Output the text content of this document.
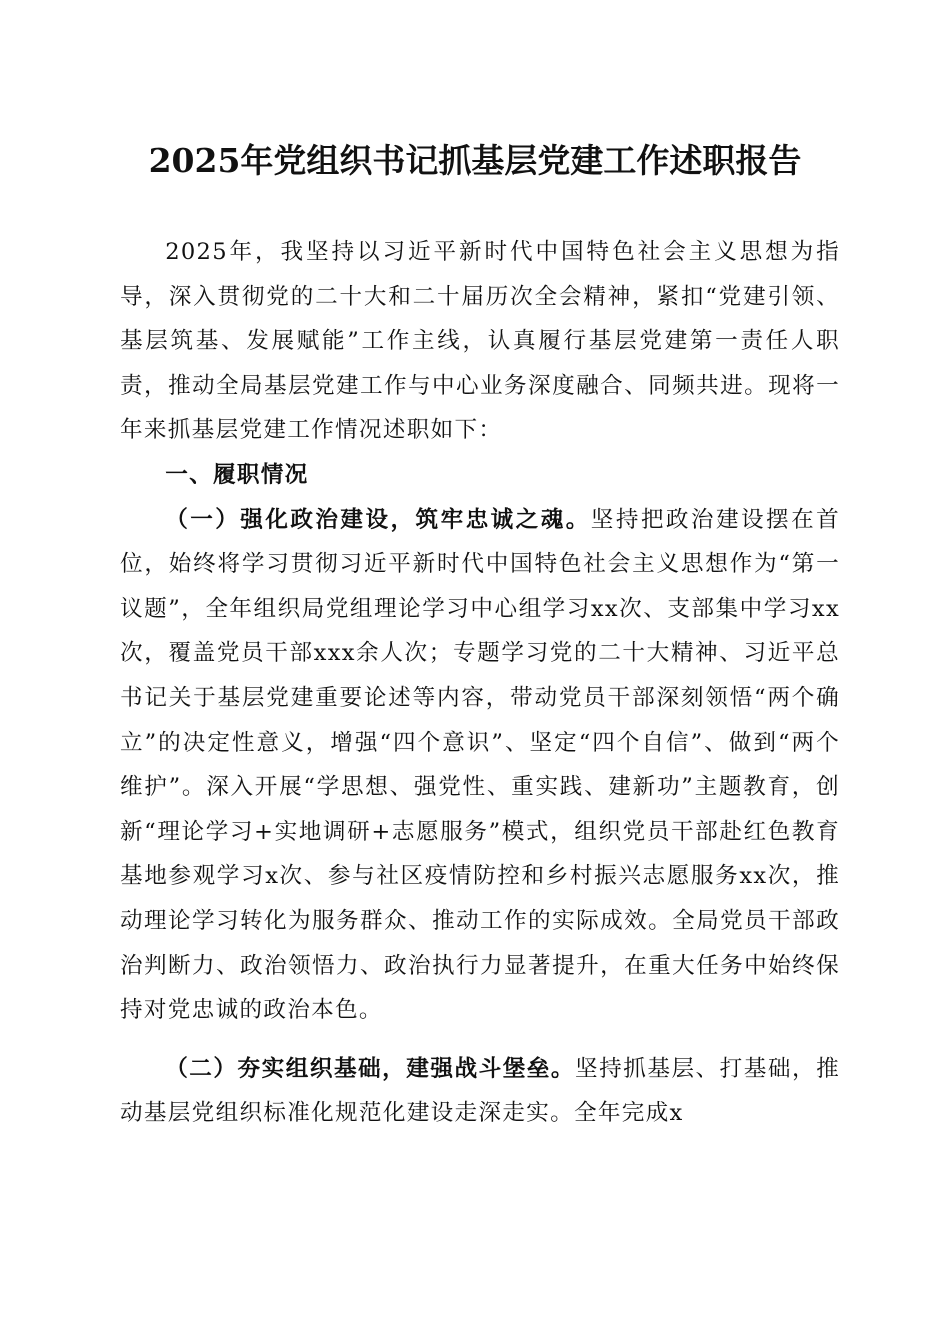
2025年党组织书记抓基层党建工作述职报告

2025年，我坚持以习近平新时代中国特色社会主义思想为指导，深入贯彻党的二十大和二十届历次全会精神，紧扣“党建引领、基层筑基、发展赋能”工作主线，认真履行基层党建第一责任人职责，推动全局基层党建工作与中心业务深度融合、同频共进。现将一年来抓基层党建工作情况述职如下：

一、履职情况

（一）强化政治建设，筑牢忠诚之魂。坚持把政治建设摆在首位，始终将学习贯彻习近平新时代中国特色社会主义思想作为“第一议题”，全年组织局党组理论学习中心组学习xx次、支部集中学习xx次，覆盖党员干部xxx余人次；专题学习党的二十大精神、习近平总书记关于基层党建重要论述等内容，带动党员干部深刻领悟“两个确立”的决定性意义，增强“四个意识”、坚定“四个自信”、做到“两个维护”。深入开展“学思想、强党性、重实践、建新功”主题教育，创新“理论学习+实地调研+志愿服务”模式，组织党员干部赴红色教育基地参观学习x次、参与社区疫情防控和乡村振兴志愿服务xx次，推动理论学习转化为服务群众、推动工作的实际成效。全局党员干部政治判断力、政治领悟力、政治执行力显著提升，在重大任务中始终保持对党忠诚的政治本色。

（二）夯实组织基础，建强战斗堡垒。坚持抓基层、打基础，推动基层党组织标准化规范化建设走深走实。全年完成x
